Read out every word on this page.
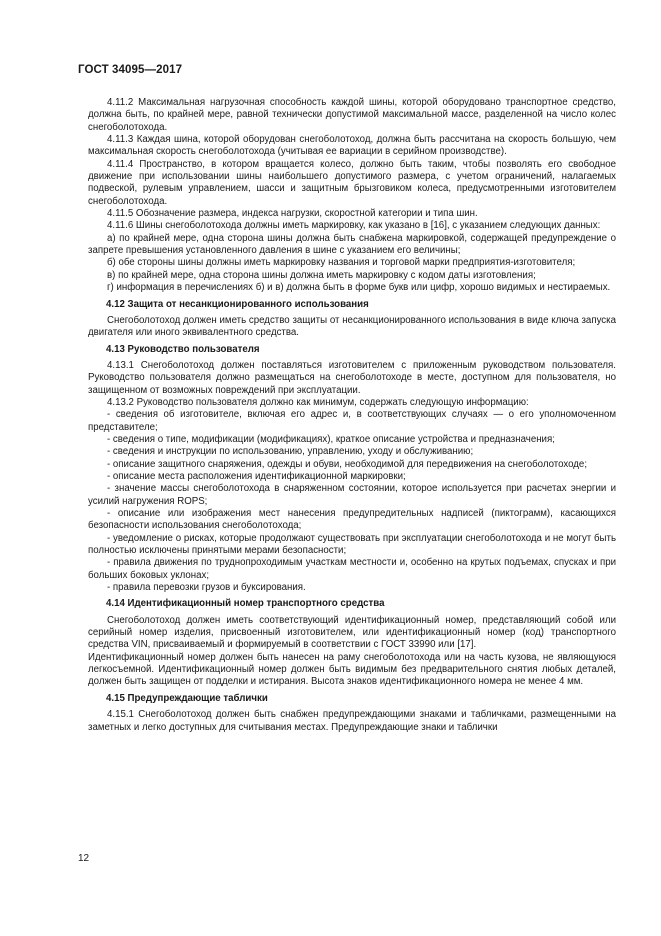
ГОСТ 34095—2017

4.11.2 Максимальная нагрузочная способность каждой шины, которой оборудовано транспортное средство, должна быть, по крайней мере, равной технически допустимой максимальной массе, разделенной на число колес снегоболотохода.

4.11.3 Каждая шина, которой оборудован снегоболотоход, должна быть рассчитана на скорость большую, чем максимальная скорость снегоболотохода (учитывая ее вариации в серийном производстве).

4.11.4 Пространство, в котором вращается колесо, должно быть таким, чтобы позволять его свободное движение при использовании шины наибольшего допустимого размера, с учетом ограничений, налагаемых подвеской, рулевым управлением, шасси и защитным брызговиком колеса, предусмотренными изготовителем снегоболотохода.

4.11.5 Обозначение размера, индекса нагрузки, скоростной категории и типа шин.

4.11.6 Шины снегоболотохода должны иметь маркировку, как указано в [16], с указанием следующих данных:

а) по крайней мере, одна сторона шины должна быть снабжена маркировкой, содержащей предупреждение о запрете превышения установленного давления в шине с указанием его величины;

б) обе стороны шины должны иметь маркировку названия и торговой марки предприятия-изготовителя;

в) по крайней мере, одна сторона шины должна иметь маркировку с кодом даты изготовления;

г) информация в перечислениях б) и в) должна быть в форме букв или цифр, хорошо видимых и нестираемых.

4.12 Защита от несанкционированного использования

Снегоболотоход должен иметь средство защиты от несанкционированного использования в виде ключа запуска двигателя или иного эквивалентного средства.

4.13 Руководство пользователя

4.13.1 Снегоболотоход должен поставляться изготовителем с приложенным руководством пользователя. Руководство пользователя должно размещаться на снегоболотоходе в месте, доступном для пользователя, но защищенном от возможных повреждений при эксплуатации.

4.13.2 Руководство пользователя должно как минимум, содержать следующую информацию:

- сведения об изготовителе, включая его адрес и, в соответствующих случаях — о его уполномоченном представителе;

- сведения о типе, модификации (модификациях), краткое описание устройства и предназначения;

- сведения и инструкции по использованию, управлению, уходу и обслуживанию;

- описание защитного снаряжения, одежды и обуви, необходимой для передвижения на снегоболотоходе;

- описание места расположения идентификационной маркировки;

- значение массы снегоболотохода в снаряженном состоянии, которое используется при расчетах энергии и усилий нагружения ROPS;

- описание или изображения мест нанесения предупредительных надписей (пиктограмм), касающихся безопасности использования снегоболотохода;

- уведомление о рисках, которые продолжают существовать при эксплуатации снегоболотохода и не могут быть полностью исключены принятыми мерами безопасности;

- правила движения по труднопроходимым участкам местности и, особенно на крутых подъемах, спусках и при больших боковых уклонах;

- правила перевозки грузов и буксирования.

4.14 Идентификационный номер транспортного средства

Снегоболотоход должен иметь соответствующий идентификационный номер, представляющий собой или серийный номер изделия, присвоенный изготовителем, или идентификационный номер (код) транспортного средства VIN, присваиваемый и формируемый в соответствии с ГОСТ 33990 или [17].

Идентификационный номер должен быть нанесен на раму снегоболотохода или на часть кузова, не являющуюся легкосъемной. Идентификационный номер должен быть видимым без предварительного снятия любых деталей, должен быть защищен от подделки и истирания. Высота знаков идентификационного номера не менее 4 мм.

4.15 Предупреждающие таблички

4.15.1 Снегоболотоход должен быть снабжен предупреждающими знаками и табличками, размещенными на заметных и легко доступных для считывания местах. Предупреждающие знаки и таблички

12
